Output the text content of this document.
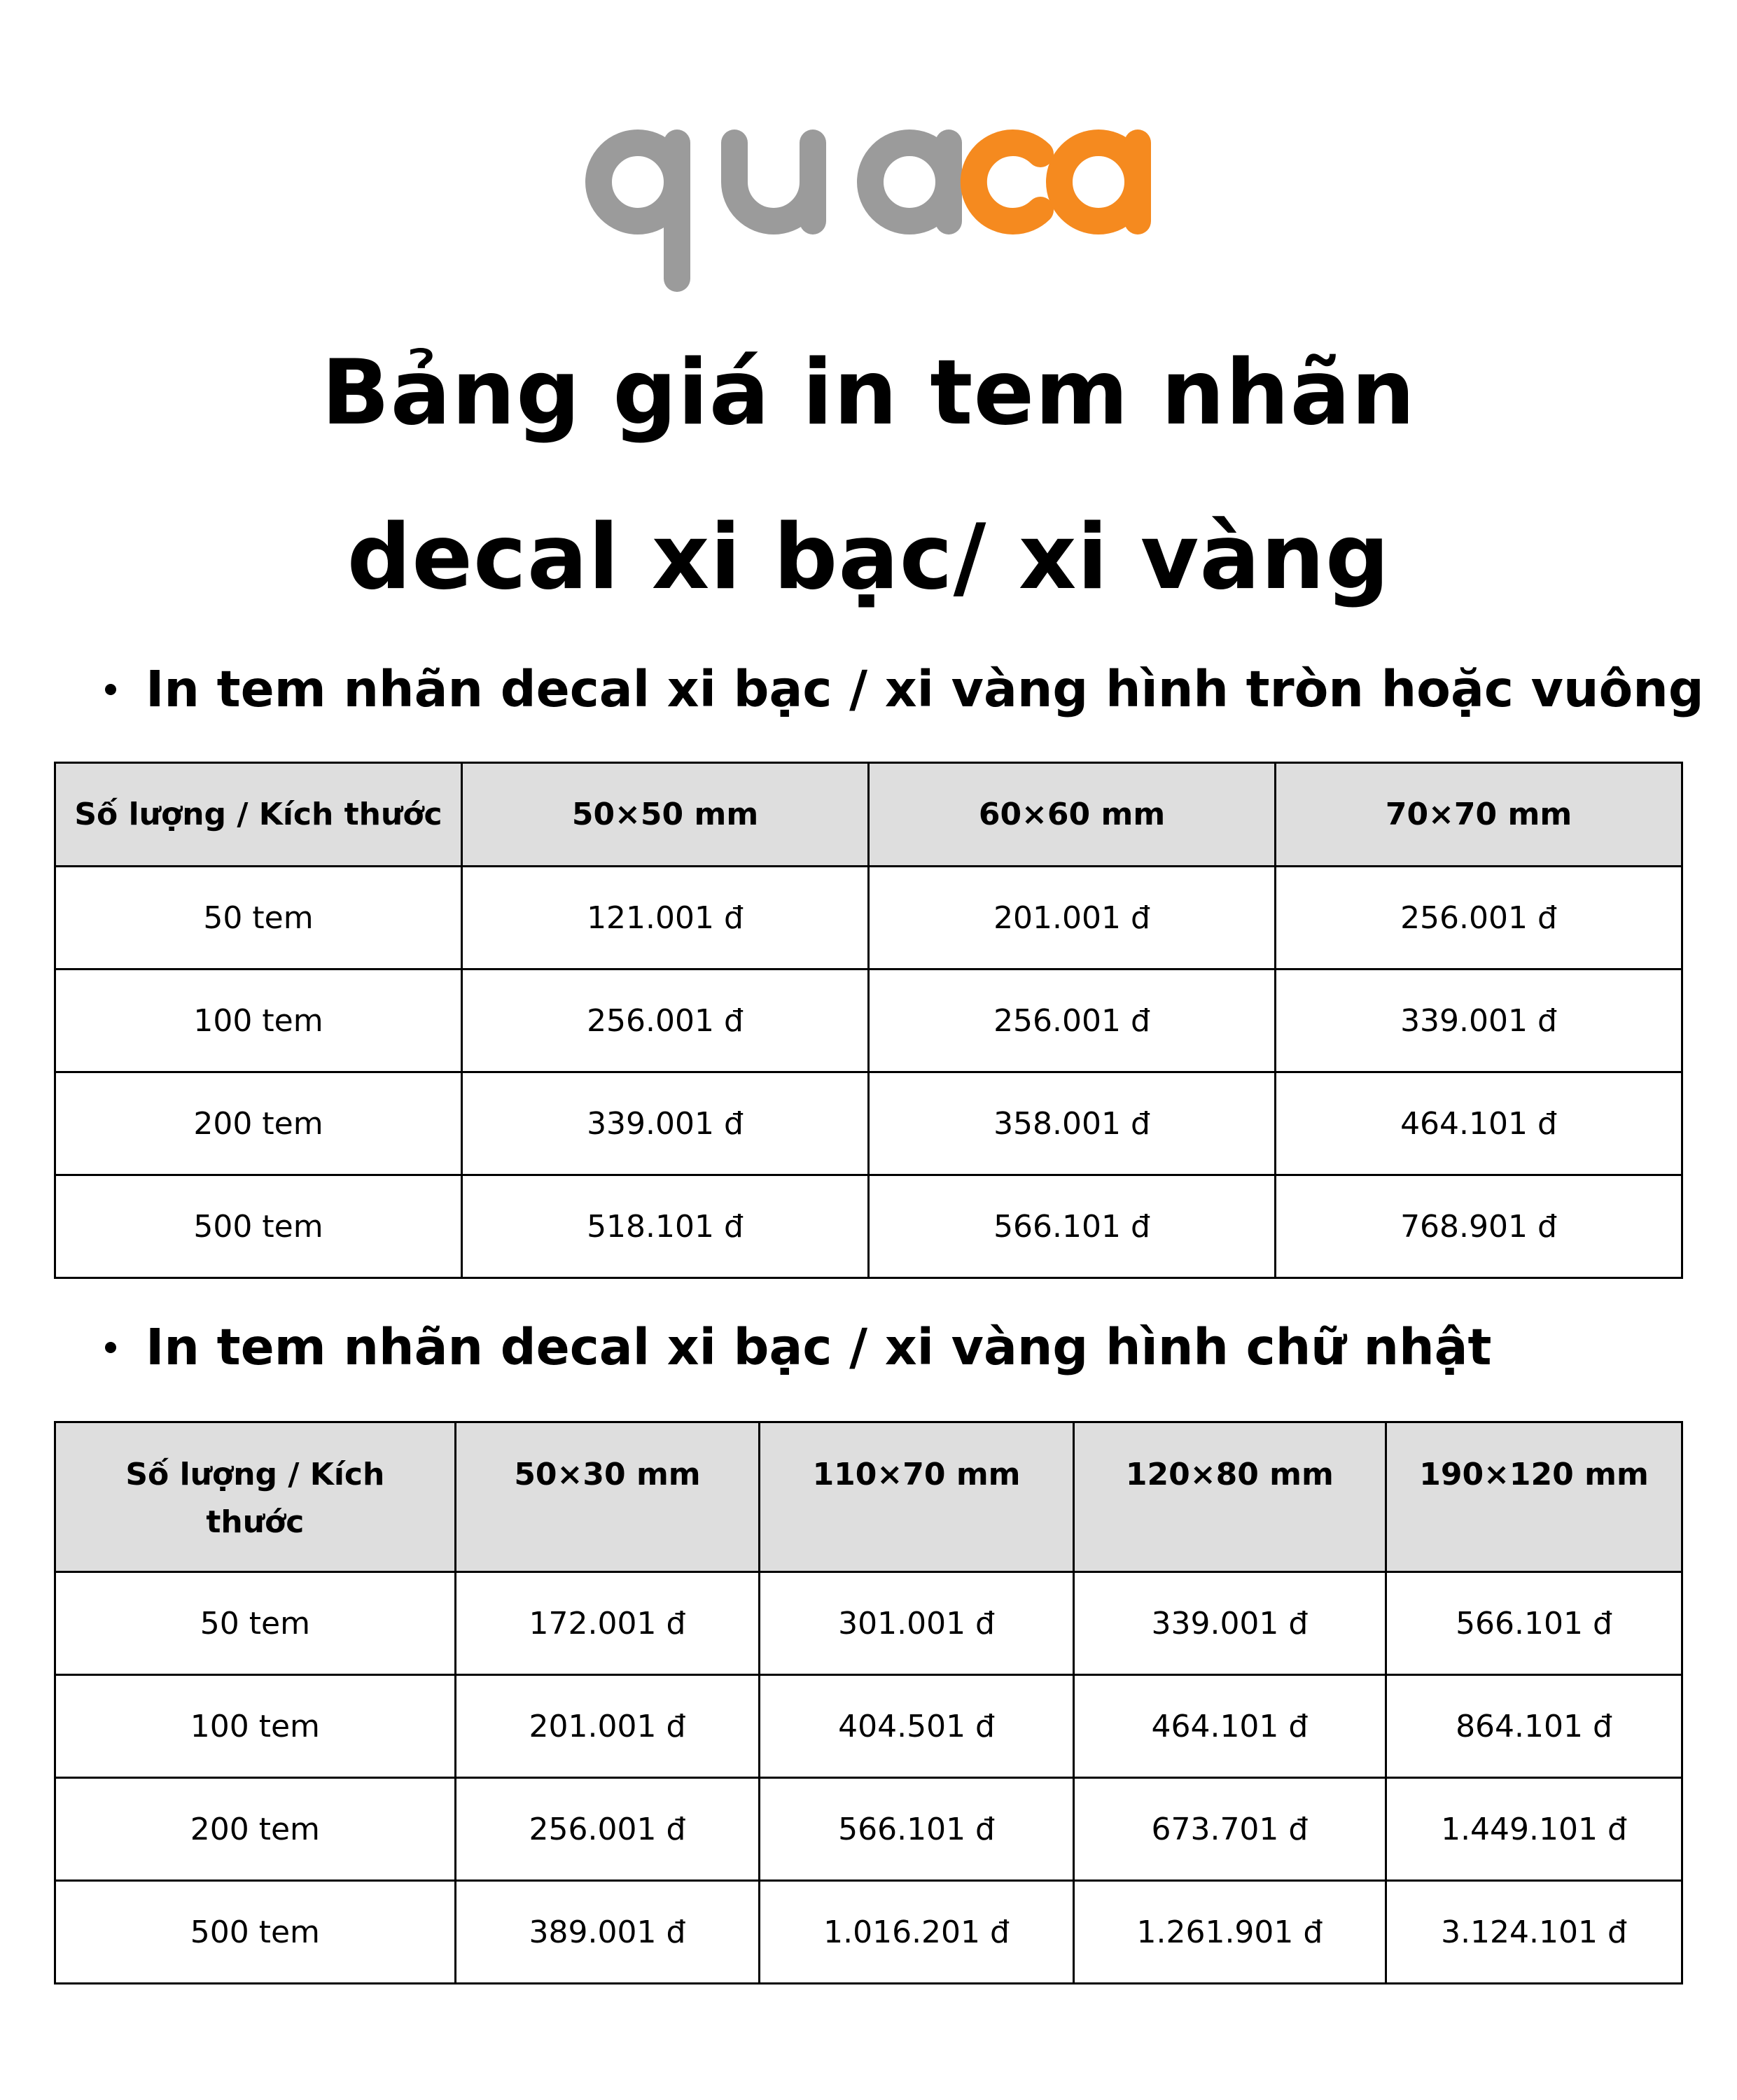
Bảng giá in tem nhãn
decal xi bạc/ xi vàng
In tem nhãn decal xi bạc / xi vàng hình tròn hoặc vuông
Số lượng / Kích thước	50×50 mm	60×60 mm	70×70 mm
50 tem	121.001 đ	201.001 đ	256.001 đ
100 tem	256.001 đ	256.001 đ	339.001 đ
200 tem	339.001 đ	358.001 đ	464.101 đ
500 tem	518.101 đ	566.101 đ	768.901 đ
In tem nhãn decal xi bạc / xi vàng hình chữ nhật
Số lượng / Kích thước	50×30 mm	110×70 mm	120×80 mm	190×120 mm
50 tem	172.001 đ	301.001 đ	339.001 đ	566.101 đ
100 tem	201.001 đ	404.501 đ	464.101 đ	864.101 đ
200 tem	256.001 đ	566.101 đ	673.701 đ	1.449.101 đ
500 tem	389.001 đ	1.016.201 đ	1.261.901 đ	3.124.101 đ
